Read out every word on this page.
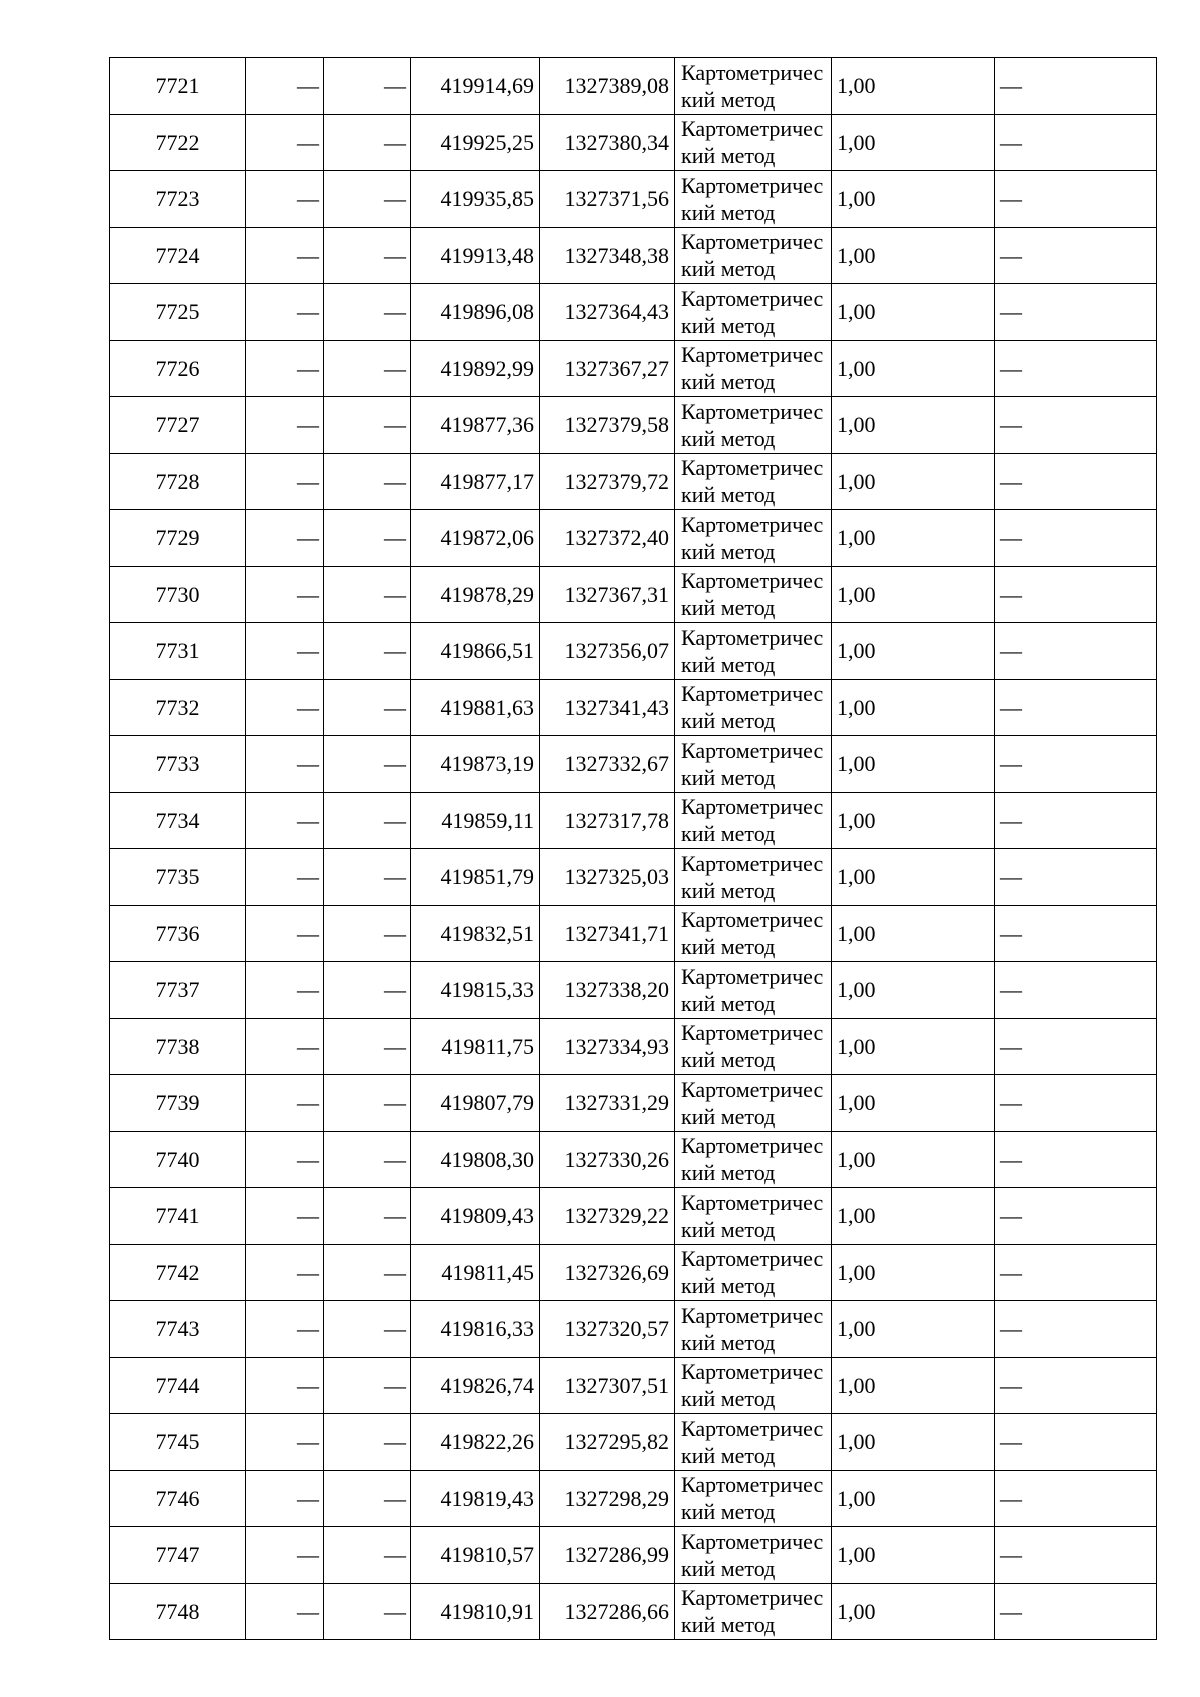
7721	—	—	419914,69	1327389,08	Картометрический метод	1,00	—
7722	—	—	419925,25	1327380,34	Картометрический метод	1,00	—
7723	—	—	419935,85	1327371,56	Картометрический метод	1,00	—
7724	—	—	419913,48	1327348,38	Картометрический метод	1,00	—
7725	—	—	419896,08	1327364,43	Картометрический метод	1,00	—
7726	—	—	419892,99	1327367,27	Картометрический метод	1,00	—
7727	—	—	419877,36	1327379,58	Картометрический метод	1,00	—
7728	—	—	419877,17	1327379,72	Картометрический метод	1,00	—
7729	—	—	419872,06	1327372,40	Картометрический метод	1,00	—
7730	—	—	419878,29	1327367,31	Картометрический метод	1,00	—
7731	—	—	419866,51	1327356,07	Картометрический метод	1,00	—
7732	—	—	419881,63	1327341,43	Картометрический метод	1,00	—
7733	—	—	419873,19	1327332,67	Картометрический метод	1,00	—
7734	—	—	419859,11	1327317,78	Картометрический метод	1,00	—
7735	—	—	419851,79	1327325,03	Картометрический метод	1,00	—
7736	—	—	419832,51	1327341,71	Картометрический метод	1,00	—
7737	—	—	419815,33	1327338,20	Картометрический метод	1,00	—
7738	—	—	419811,75	1327334,93	Картометрический метод	1,00	—
7739	—	—	419807,79	1327331,29	Картометрический метод	1,00	—
7740	—	—	419808,30	1327330,26	Картометрический метод	1,00	—
7741	—	—	419809,43	1327329,22	Картометрический метод	1,00	—
7742	—	—	419811,45	1327326,69	Картометрический метод	1,00	—
7743	—	—	419816,33	1327320,57	Картометрический метод	1,00	—
7744	—	—	419826,74	1327307,51	Картометрический метод	1,00	—
7745	—	—	419822,26	1327295,82	Картометрический метод	1,00	—
7746	—	—	419819,43	1327298,29	Картометрический метод	1,00	—
7747	—	—	419810,57	1327286,99	Картометрический метод	1,00	—
7748	—	—	419810,91	1327286,66	Картометрический метод	1,00	—
